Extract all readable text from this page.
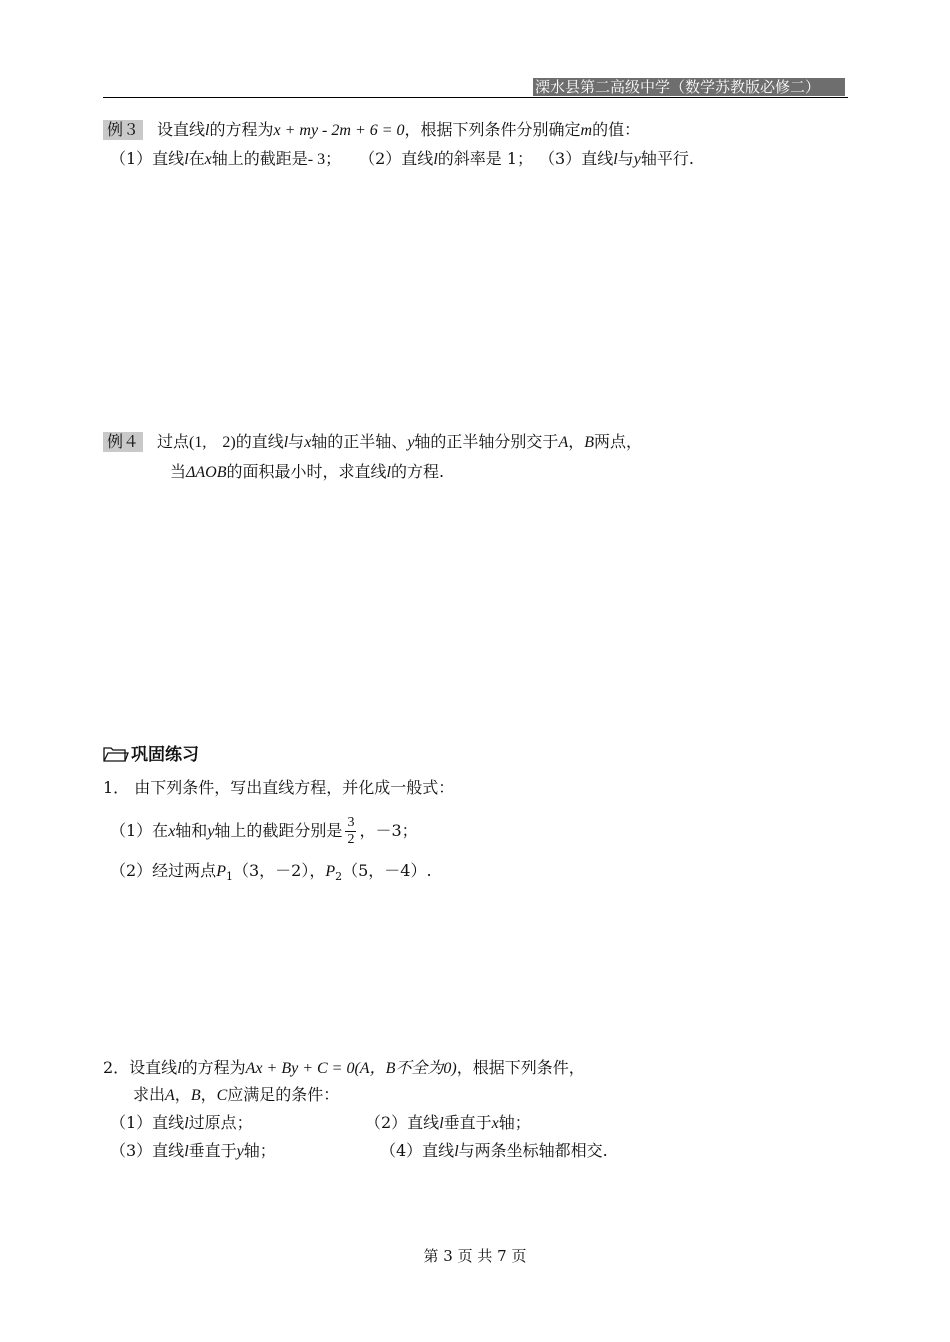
溧水县第二高级中学（数学苏教版必修二）
例３ 设直线l的方程为x + my - 2m + 6 = 0，根据下列条件分别确定m的值：
（1）直线l在x轴上的截距是- 3； （2）直线l的斜率是 1； （3）直线l与y轴平行.
例４ 过点(1,　2)的直线l与x轴的正半轴、y轴的正半轴分别交于A，B两点，
当ΔAOB的面积最小时，求直线l的方程.
巩固练习
1． 由下列条件，写出直线方程，并化成一般式：
（1）在x轴和y轴上的截距分别是 $\frac{3}{2}$ ，－3；
（2）经过两点$P_1(3$，－2），$P_2(5$，－4）.
2．设直线l的方程为Ax + By + C = 0(A，B不全为0)，根据下列条件，
求出A，B，C应满足的条件：
（1）直线l过原点；	（2）直线l垂直于x轴；
（3）直线l垂直于y轴；	（4）直线l与两条坐标轴都相交.
第 3 页 共 7 页
